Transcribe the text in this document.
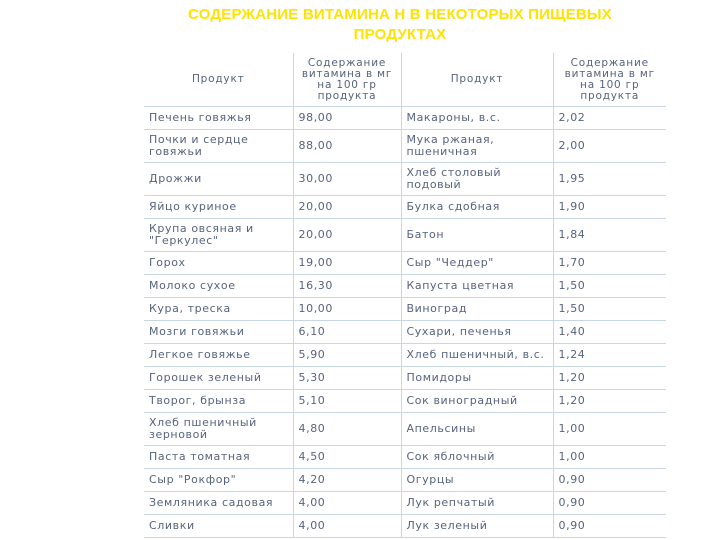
СОДЕРЖАНИЕ ВИТАМИНА Н В НЕКОТОРЫХ ПИЩЕВЫХ ПРОДУКТАХ
Продукт	Содержание витамина в мг на 100 гр продукта	Продукт	Содержание витамина в мг на 100 гр продукта
Печень говяжья	98,00	Макароны, в.с.	2,02
Почки и сердце говяжьи	88,00	Мука ржаная, пшеничная	2,00
Дрожжи	30,00	Хлеб столовый подовый	1,95
Яйцо куриное	20,00	Булка сдобная	1,90
Крупа овсяная и "Геркулес"	20,00	Батон	1,84
Горох	19,00	Сыр "Чеддер"	1,70
Молоко сухое	16,30	Капуста цветная	1,50
Кура, треска	10,00	Виноград	1,50
Мозги говяжьи	6,10	Сухари, печенья	1,40
Легкое говяжье	5,90	Хлеб пшеничный, в.с.	1,24
Горошек зеленый	5,30	Помидоры	1,20
Творог, брынза	5,10	Сок виноградный	1,20
Хлеб пшеничный зерновой	4,80	Апельсины	1,00
Паста томатная	4,50	Сок яблочный	1,00
Сыр "Рокфор"	4,20	Огурцы	0,90
Земляника садовая	4,00	Лук репчатый	0,90
Сливки	4,00	Лук зеленый	0,90
